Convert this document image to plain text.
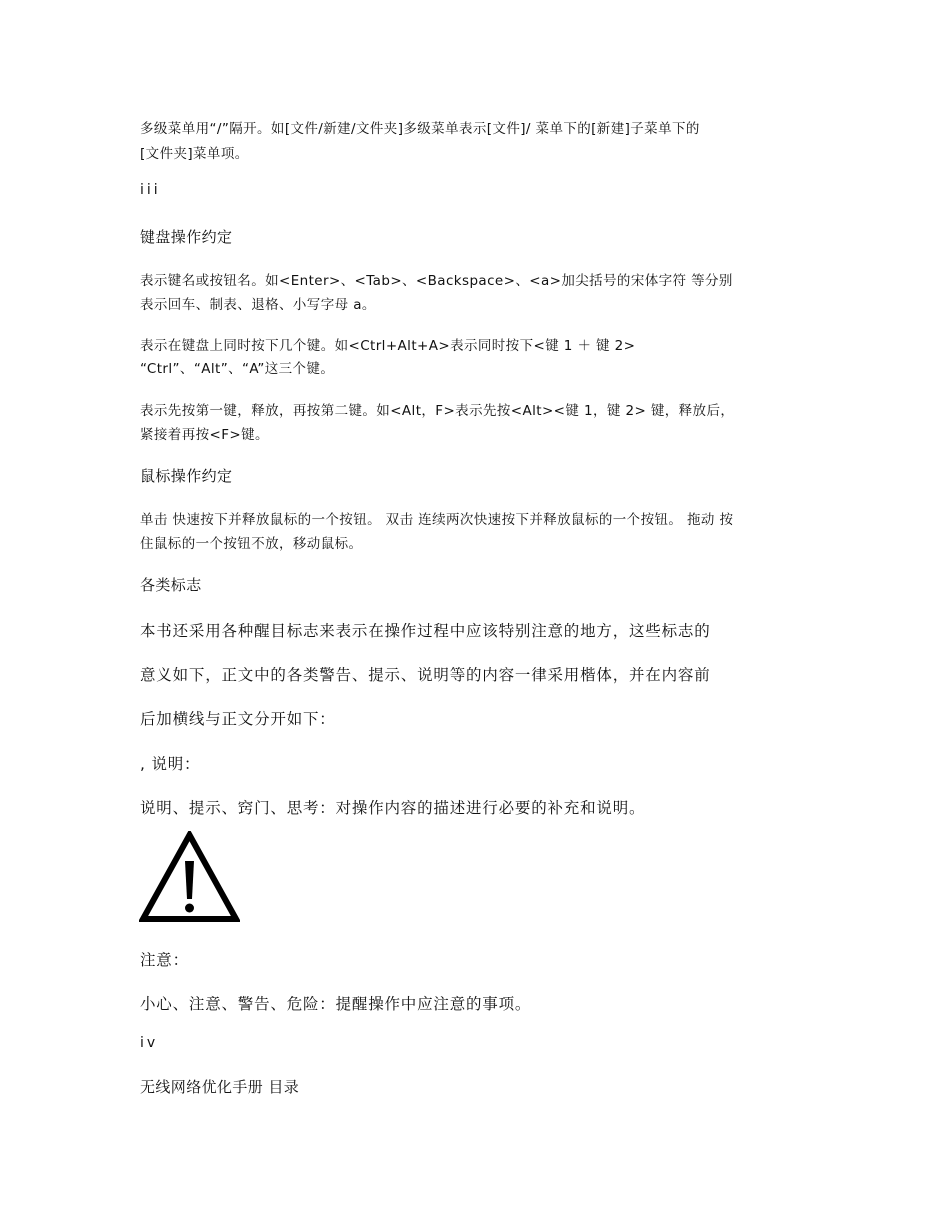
多级菜单用“/”隔开。如[文件/新建/文件夹]多级菜单表示[文件]/ 菜单下的[新建]子菜单下的
[文件夹]菜单项。
iii
键盘操作约定
表示键名或按钮名。如<Enter>、<Tab>、<Backspace>、<a>加尖括号的宋体字符 等分别
表示回车、制表、退格、小写字母 a。
表示在键盘上同时按下几个键。如<Ctrl+Alt+A>表示同时按下<键 1 ＋ 键 2>
“Ctrl”、“Alt”、“A”这三个键。
表示先按第一键，释放，再按第二键。如<Alt，F>表示先按<Alt><键 1，键 2> 键，释放后，
紧接着再按<F>键。
鼠标操作约定
单击 快速按下并释放鼠标的一个按钮。 双击 连续两次快速按下并释放鼠标的一个按钮。 拖动 按
住鼠标的一个按钮不放，移动鼠标。
各类标志
本书还采用各种醒目标志来表示在操作过程中应该特别注意的地方，这些标志的
意义如下，正文中的各类警告、提示、说明等的内容一律采用楷体，并在内容前
后加横线与正文分开如下：
, 说明：
说明、提示、窍门、思考：对操作内容的描述进行必要的补充和说明。
注意：
小心、注意、警告、危险：提醒操作中应注意的事项。
iv
无线网络优化手册 目录
